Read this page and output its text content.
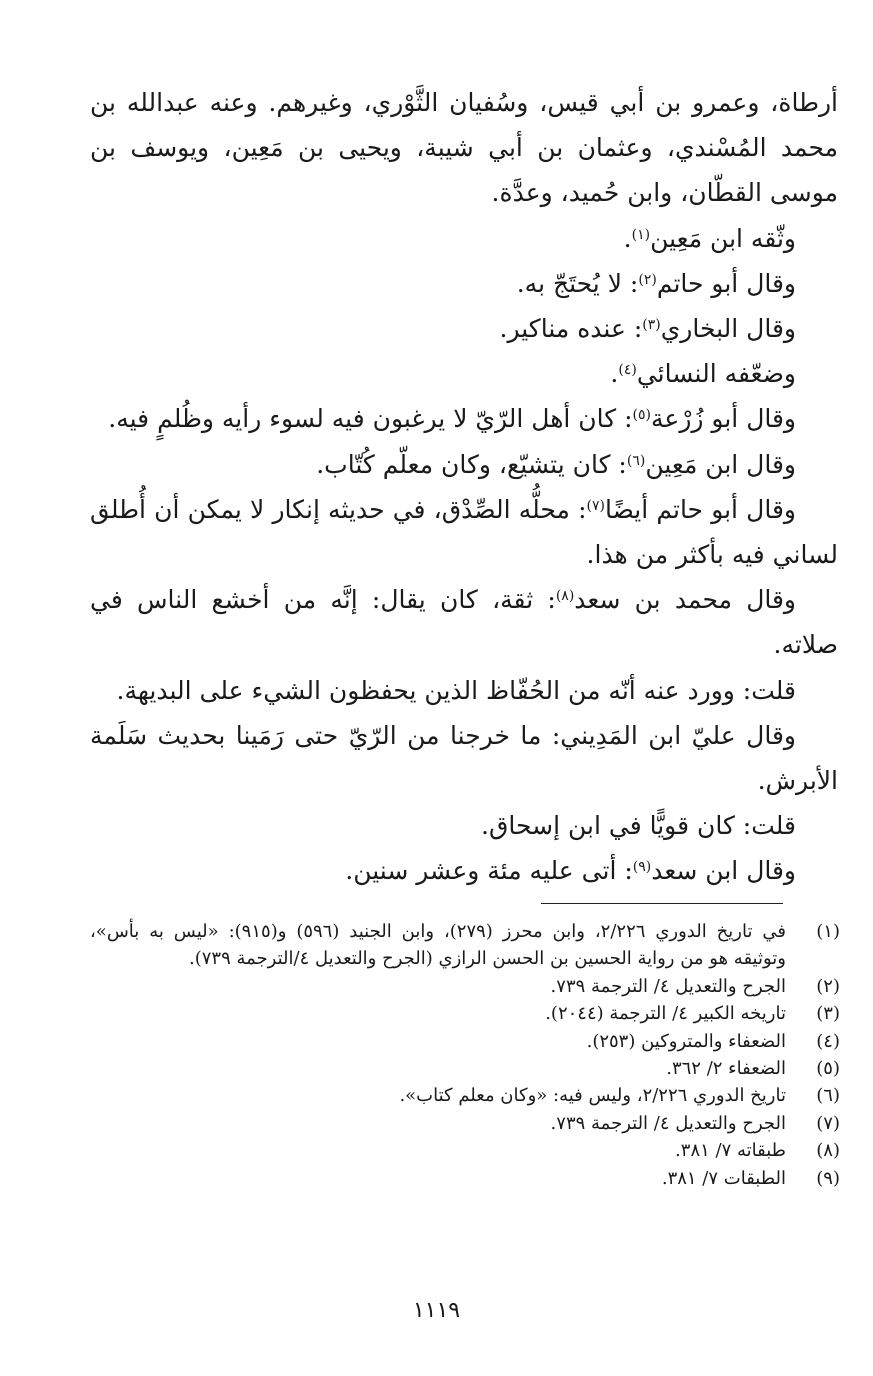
أرطاة، وعمرو بن أبي قيس، وسُفيان الثَّوْري، وغيرهم. وعنه عبدالله بن محمد المُسْندي، وعثمان بن أبي شيبة، ويحيى بن مَعِين، ويوسف بن موسى القطّان، وابن حُميد، وعدَّة.

وثّقه ابن مَعِين$^{(١)}$.

وقال أبو حاتم$^{(٢)}$: لا يُحتَجّ به.

وقال البخاري$^{(٣)}$: عنده مناكير.

وضعّفه النسائي$^{(٤)}$.

وقال أبو زُرْعة$^{(٥)}$: كان أهل الرّيّ لا يرغبون فيه لسوء رأيه وظُلمٍ فيه.

وقال ابن مَعِين$^{(٦)}$: كان يتشيّع، وكان معلّم كُتّاب.

وقال أبو حاتم أيضًا$^{(٧)}$: محلُّه الصِّدْق، في حديثه إنكار لا يمكن أن أُطلق لساني فيه بأكثر من هذا.

وقال محمد بن سعد$^{(٨)}$: ثقة، كان يقال: إنَّه من أخشع الناس في صلاته.

قلت: وورد عنه أنّه من الحُفّاظ الذين يحفظون الشيء على البديهة.

وقال عليّ ابن المَدِيني: ما خرجنا من الرّيّ حتى رَمَينا بحديث سَلَمة الأبرش.

قلت: كان قويًّا في ابن إسحاق.

وقال ابن سعد$^{(٩)}$: أتى عليه مئة وعشر سنين.

(١)
في تاريخ الدوري ٢/٢٢٦، وابن محرز (٢٧٩)، وابن الجنيد (٥٩٦) و(٩١٥): «ليس به بأس»، وتوثيقه هو من رواية الحسين بن الحسن الرازي (الجرح والتعديل ٤/الترجمة ٧٣٩).
(٢)
الجرح والتعديل ٤/ الترجمة ٧٣٩.
(٣)
تاريخه الكبير ٤/ الترجمة (٢٠٤٤).
(٤)
الضعفاء والمتروكين (٢٥٣).
(٥)
الضعفاء ٢/ ٣٦٢.
(٦)
تاريخ الدوري ٢/٢٢٦، وليس فيه: «وكان معلم كتاب».
(٧)
الجرح والتعديل ٤/ الترجمة ٧٣٩.
(٨)
طبقاته ٧/ ٣٨١.
(٩)
الطبقات ٧/ ٣٨١.
١١١٩
